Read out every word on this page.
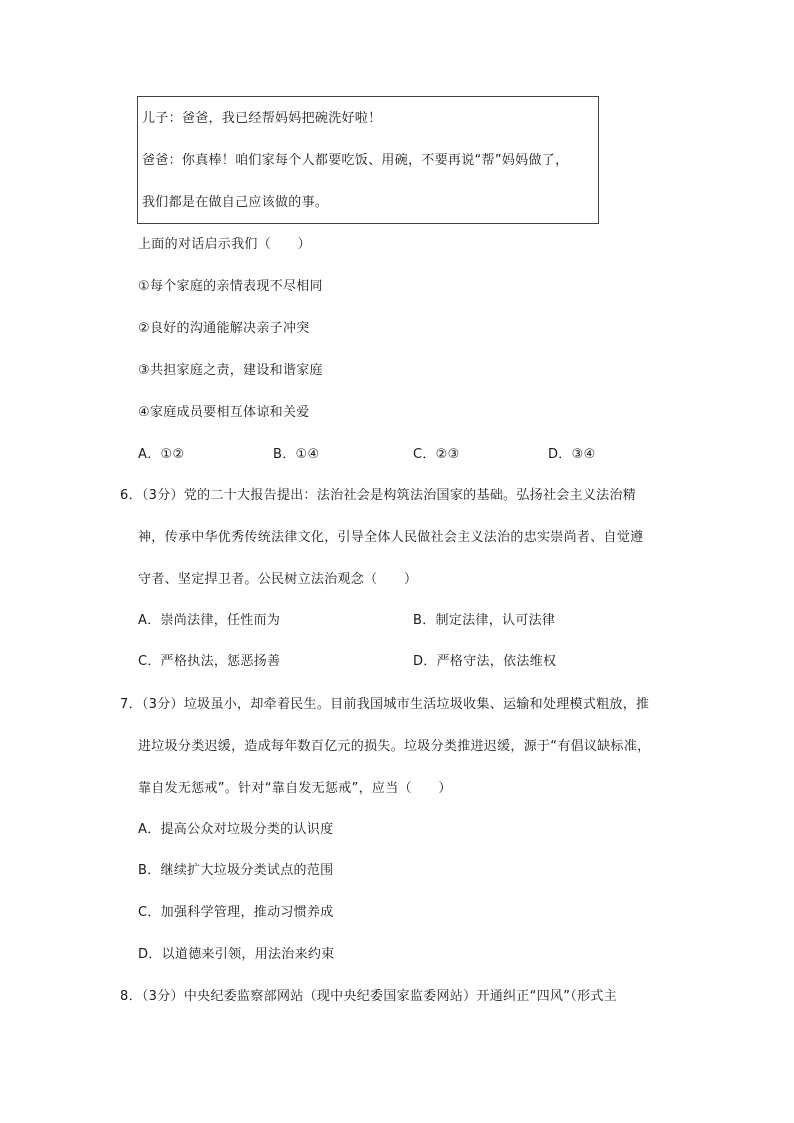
儿子：爸爸，我已经帮妈妈把碗洗好啦！
爸爸：你真棒！咱们家每个人都要吃饭、用碗，不要再说“帮”妈妈做了，
我们都是在做自己应该做的事。
上面的对话启示我们（　　）
①每个家庭的亲情表现不尽相同
②良好的沟通能解决亲子冲突
③共担家庭之责，建设和谐家庭
④家庭成员要相互体谅和关爱
A．①②	B．①④	C．②③	D．③④
6．（3分）党的二十大报告提出：法治社会是构筑法治国家的基础。弘扬社会主义法治精
神，传承中华优秀传统法律文化，引导全体人民做社会主义法治的忠实崇尚者、自觉遵
守者、坚定捍卫者。公民树立法治观念（　　）
A．崇尚法律，任性而为	B．制定法律，认可法律
C．严格执法，惩恶扬善	D．严格守法，依法维权
7．（3分）垃圾虽小，却牵着民生。目前我国城市生活垃圾收集、运输和处理模式粗放，推
进垃圾分类迟缓，造成每年数百亿元的损失。垃圾分类推进迟缓，源于“有倡议缺标准，
靠自发无惩戒”。针对“靠自发无惩戒”，应当（　　）
A．提高公众对垃圾分类的认识度
B．继续扩大垃圾分类试点的范围
C．加强科学管理，推动习惯养成
D．以道德来引领，用法治来约束
8．（3分）中央纪委监察部网站（现中央纪委国家监委网站）开通纠正“四风”（形式主
